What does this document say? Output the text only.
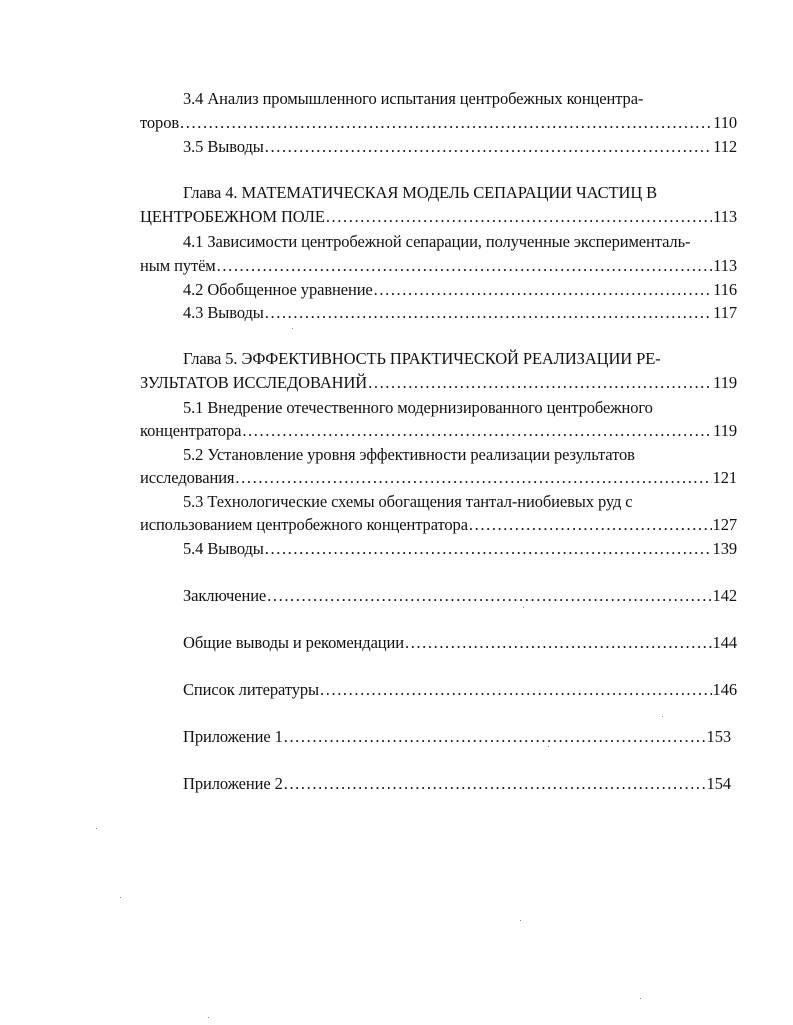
3.4 Анализ промышленного испытания центробежных концентра-
торов .....	110
3.5 Выводы .....	112
Глава 4. МАТЕМАТИЧЕСКАЯ МОДЕЛЬ СЕПАРАЦИИ ЧАСТИЦ В
ЦЕНТРОБЕЖНОМ ПОЛЕ .....	113
4.1 Зависимости центробежной сепарации, полученные эксперименталь-
ным путём .....	113
4.2 Обобщенное уравнение .....	116
4.3 Выводы .....	117
Глава 5. ЭФФЕКТИВНОСТЬ ПРАКТИЧЕСКОЙ РЕАЛИЗАЦИИ РЕ-
ЗУЛЬТАТОВ ИССЛЕДОВАНИЙ .....	119
5.1 Внедрение отечественного модернизированного центробежного
концентратора .....	119
5.2 Установление уровня эффективности реализации результатов
исследования .....	121
5.3 Технологические схемы обогащения тантал-ниобиевых руд с
использованием центробежного концентратора .....	127
5.4 Выводы .....	139
Заключение .....	142
Общие выводы и рекомендации .....	144
Список литературы .....	146
Приложение 1 .....	153
Приложение 2 .....	154
